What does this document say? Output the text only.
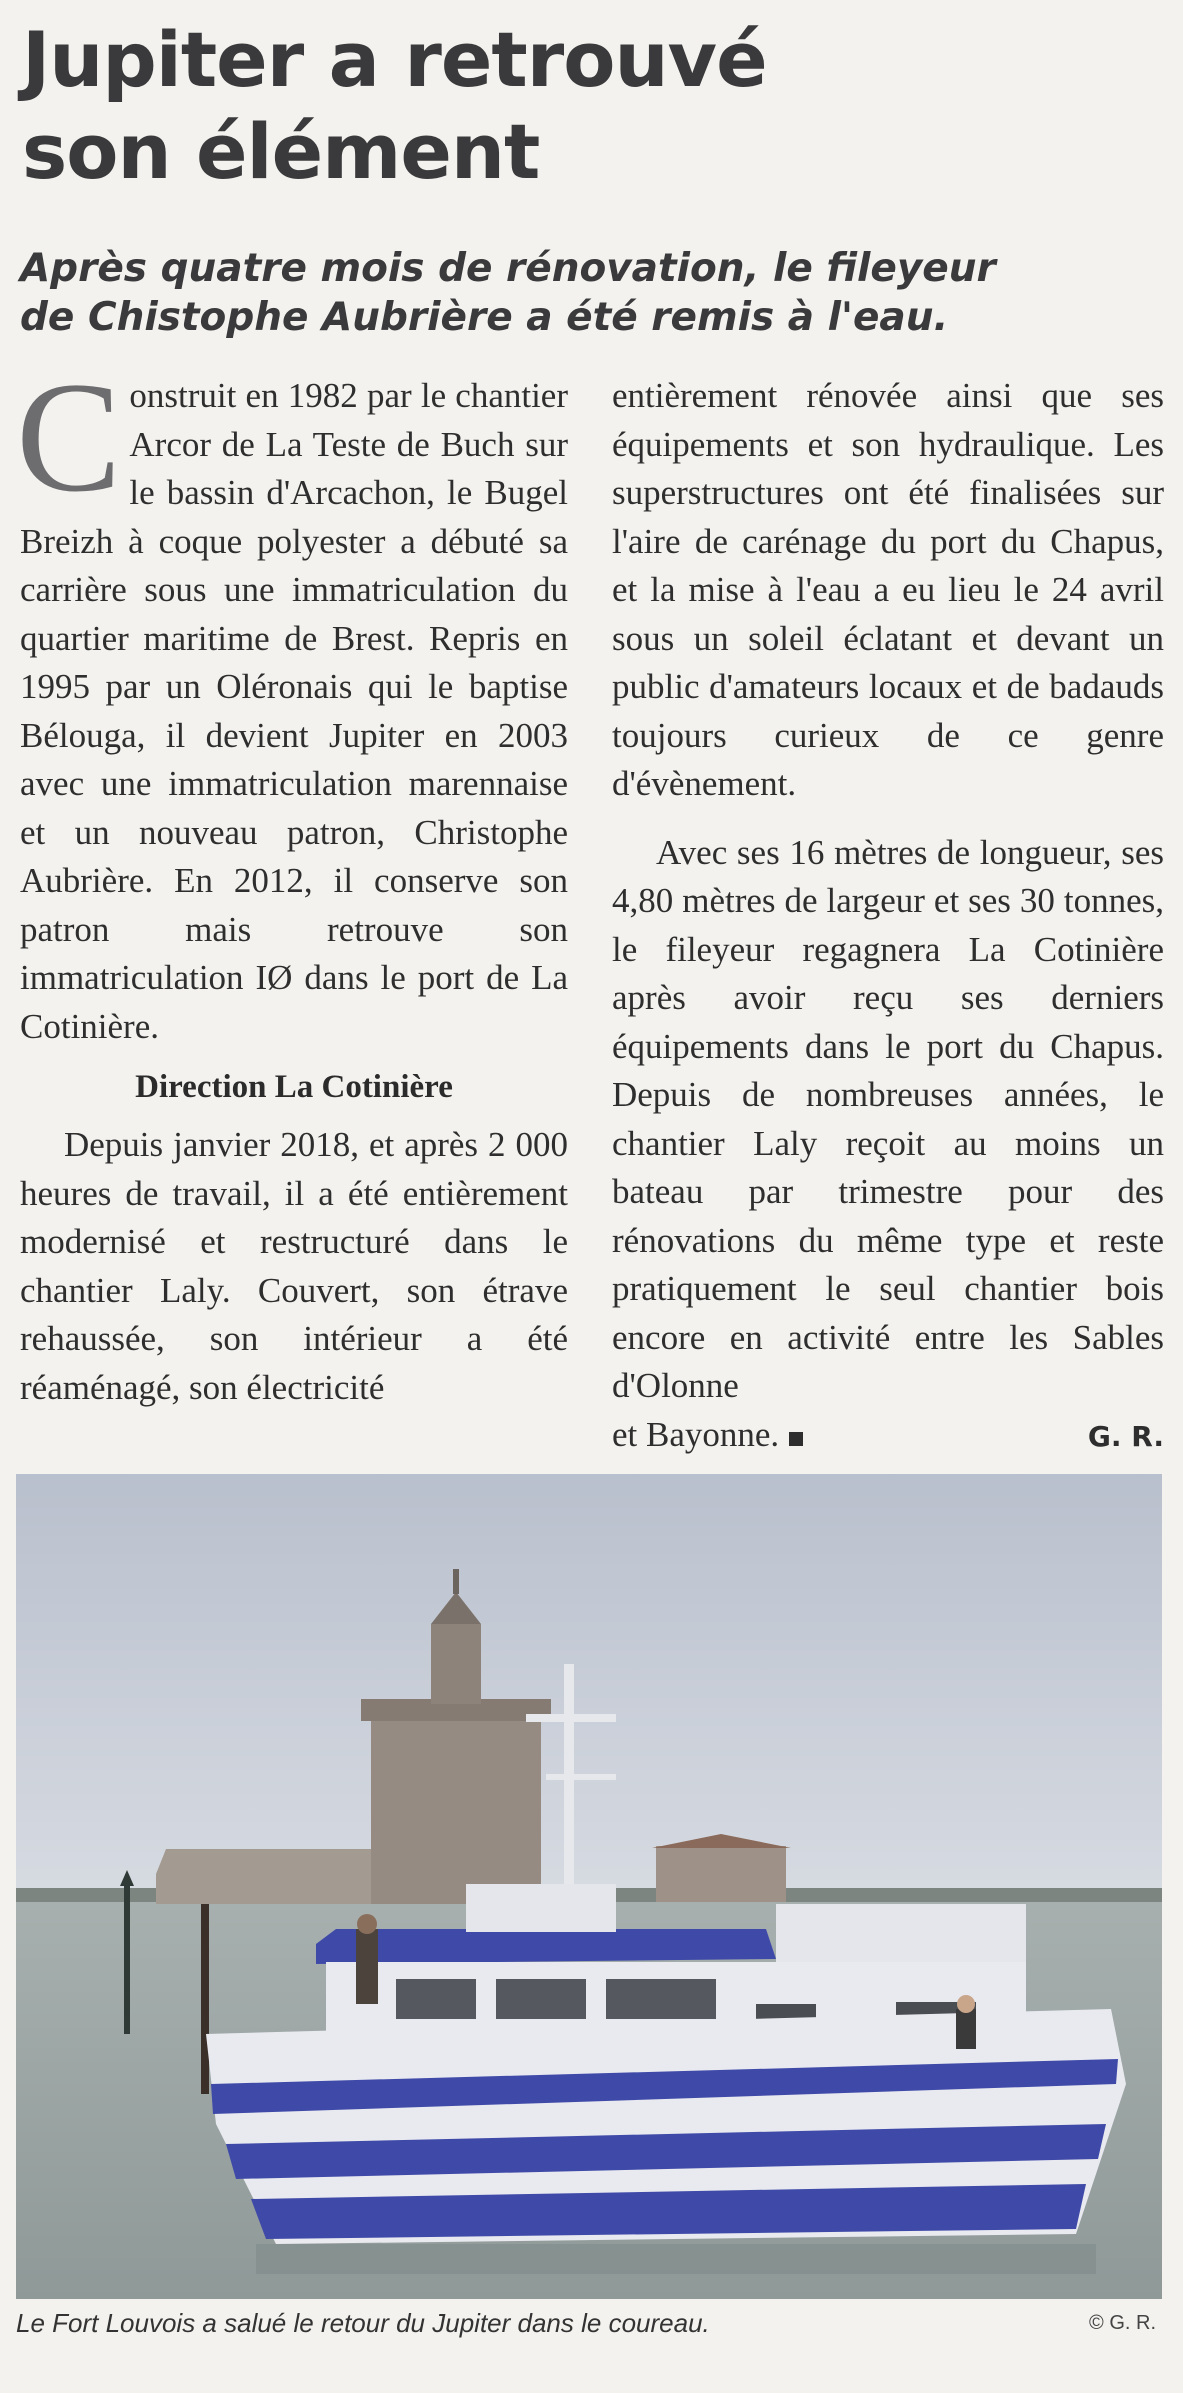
Jupiter a retrouvé
son élément
Après quatre mois de rénovation, le fileyeur
de Chistophe Aubrière a été remis à l'eau.

Construit en 1982 par le chantier Arcor de La Teste de Buch sur le bassin d'Arcachon, le Bugel Breizh à coque polyester a débuté sa carrière sous une immatriculation du quartier maritime de Brest. Repris en 1995 par un Oléronais qui le baptise Bélouga, il devient Jupiter en 2003 avec une immatriculation marennaise et un nouveau patron, Christophe Aubrière. En 2012, il conserve son patron mais retrouve son immatriculation IØ dans le port de La Cotinière.

Direction La Cotinière

Depuis janvier 2018, et après 2 000 heures de travail, il a été entièrement modernisé et restructuré dans le chantier Laly. Couvert, son étrave rehaussée, son intérieur a été réaménagé, son électricité

entièrement rénovée ainsi que ses équipements et son hydraulique. Les superstructures ont été finalisées sur l'aire de carénage du port du Chapus, et la mise à l'eau a eu lieu le 24 avril sous un soleil éclatant et devant un public d'amateurs locaux et de badauds toujours curieux de ce genre d'évènement.

Avec ses 16 mètres de longueur, ses 4,80 mètres de largeur et ses 30 tonnes, le fileyeur regagnera La Cotinière après avoir reçu ses derniers équipements dans le port du Chapus. Depuis de nombreuses années, le chantier Laly reçoit au moins un bateau par trimestre pour des rénovations du même type et reste pratiquement le seul chantier bois encore en activité entre les Sables d'Olonne

et Bayonne.	G. R.
Le Fort Louvois a salué le retour du Jupiter dans le coureau.	© G. R.
